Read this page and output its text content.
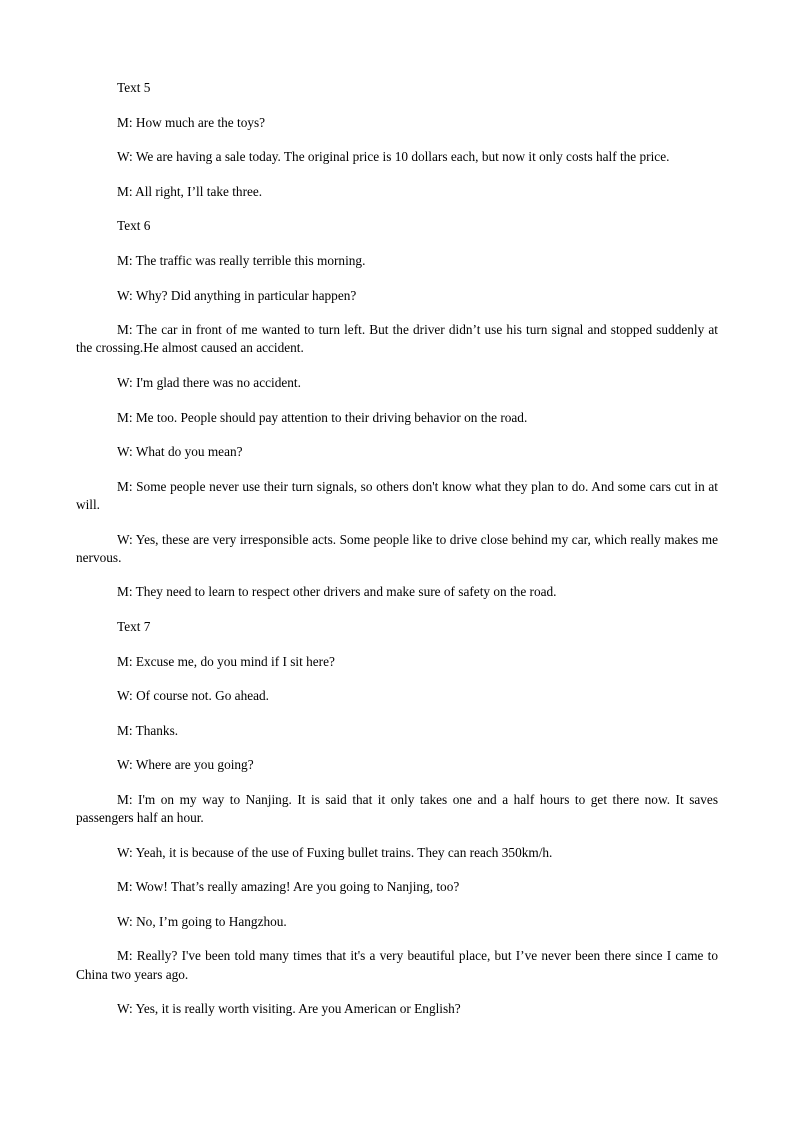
Text 5

M: How much are the toys?

W: We are having a sale today. The original price is 10 dollars each, but now it only costs half the price.

M: All right, I’ll take three.

Text 6

M: The traffic was really terrible this morning.

W: Why? Did anything in particular happen?

M: The car in front of me wanted to turn left. But the driver didn’t use his turn signal and stopped suddenly at the crossing.He almost caused an accident.

W: I'm glad there was no accident.

M: Me too. People should pay attention to their driving behavior on the road.

W: What do you mean?

M: Some people never use their turn signals, so others don't know what they plan to do. And some cars cut in at will.

W: Yes, these are very irresponsible acts. Some people like to drive close behind my car, which really makes me nervous.

M: They need to learn to respect other drivers and make sure of safety on the road.

Text 7

M: Excuse me, do you mind if I sit here?

W: Of course not. Go ahead.

M: Thanks.

W: Where are you going?

M: I'm on my way to Nanjing. It is said that it only takes one and a half hours to get there now. It saves passengers half an hour.

W: Yeah, it is because of the use of Fuxing bullet trains. They can reach 350km/h.

M: Wow! That’s really amazing! Are you going to Nanjing, too?

W: No, I’m going to Hangzhou.

M: Really? I've been told many times that it's a very beautiful place, but I’ve never been there since I came to China two years ago.

W: Yes, it is really worth visiting. Are you American or English?
